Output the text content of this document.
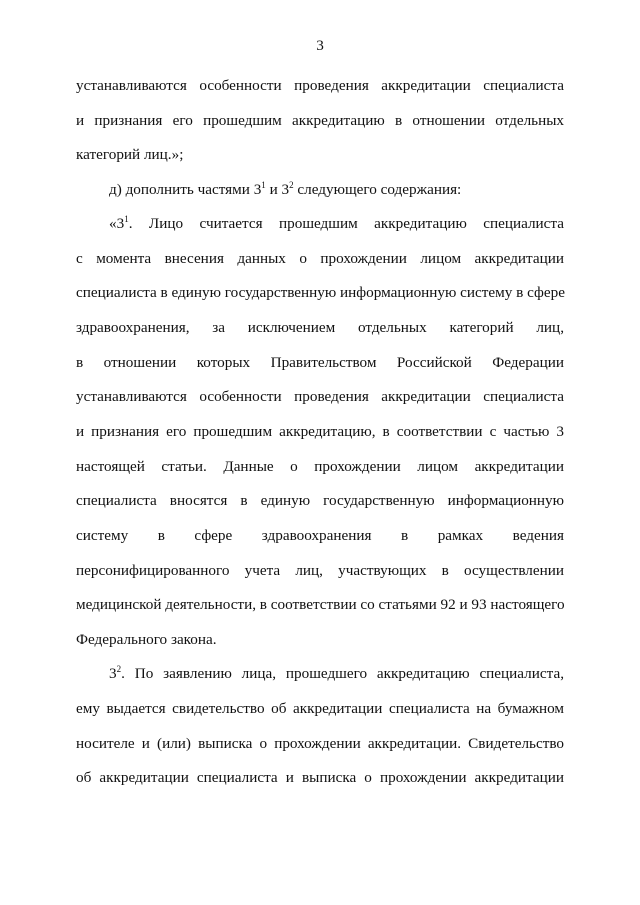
3
устанавливаются особенности проведения аккредитации специалиста
и признания его прошедшим аккредитацию в отношении отдельных
категорий лиц.»;
д) дополнить частями $3^1$ и $3^2$ следующего содержания:
«$3^1$. Лицо считается прошедшим аккредитацию специалиста
с момента внесения данных о прохождении лицом аккредитации
специалиста в единую государственную информационную систему в сфере
здравоохранения, за исключением отдельных категорий лиц,
в отношении которых Правительством Российской Федерации
устанавливаются особенности проведения аккредитации специалиста
и признания его прошедшим аккредитацию, в соответствии с частью 3
настоящей статьи. Данные о прохождении лицом аккредитации
специалиста вносятся в единую государственную информационную
систему в сфере здравоохранения в рамках ведения
персонифицированного учета лиц, участвующих в осуществлении
медицинской деятельности, в соответствии со статьями 92 и 93 настоящего
Федерального закона.
$3^2$. По заявлению лица, прошедшего аккредитацию специалиста,
ему выдается свидетельство об аккредитации специалиста на бумажном
носителе и (или) выписка о прохождении аккредитации. Свидетельство
об аккредитации специалиста и выписка о прохождении аккредитации
